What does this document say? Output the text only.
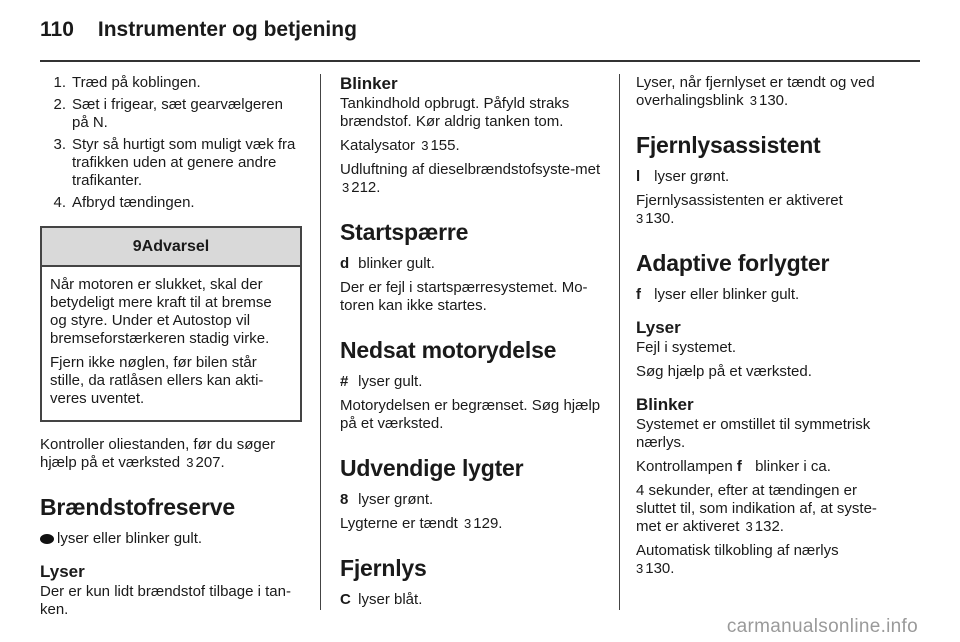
110 Instrumenter og betjening
1. Træd på koblingen.
2. Sæt i frigear, sæt gearvælgeren på N.
3. Styr så hurtigt som muligt væk fra trafikken uden at genere andre trafikanter.
4. Afbryd tændingen.
9Advarsel

Når motoren er slukket, skal der betydeligt mere kraft til at bremse og styre. Under et Autostop vil bremseforstærkeren stadig virke.

Fjern ikke nøglen, før bilen står stille, da ratlåsen ellers kan akti-veres uventet.

Kontroller oliestanden, før du søger hjælp på et værksted 3 207.

Brændstofreserve

lyser eller blinker gult.

Lyser

Der er kun lidt brændstof tilbage i tan-ken.

Blinker

Tankindhold opbrugt. Påfyld straks brændstof. Kør aldrig tanken tom.

Katalysator 3 155.

Udluftning af dieselbrændstofsyste-met 3 212.

Startspærre

d blinker gult.

Der er fejl i startspærresystemet. Mo-toren kan ikke startes.

Nedsat motorydelse

# lyser gult.

Motorydelsen er begrænset. Søg hjælp på et værksted.

Udvendige lygter

8 lyser grønt.

Lygterne er tændt 3 129.

Fjernlys

C lyser blåt.

Lyser, når fjernlyset er tændt og ved overhalingsblink 3 130.

Fjernlysassistent

l lyser grønt.

Fjernlysassistenten er aktiveret
3 130.

Adaptive forlygter

f lyser eller blinker gult.

Lyser

Fejl i systemet.

Søg hjælp på et værksted.

Blinker

Systemet er omstillet til symmetrisk nærlys.

Kontrollampen f blinker i ca.

4 sekunder, efter at tændingen er sluttet til, som indikation af, at syste-met er aktiveret 3 132.

Automatisk tilkobling af nærlys
3 130.

carmanualsonline.info
